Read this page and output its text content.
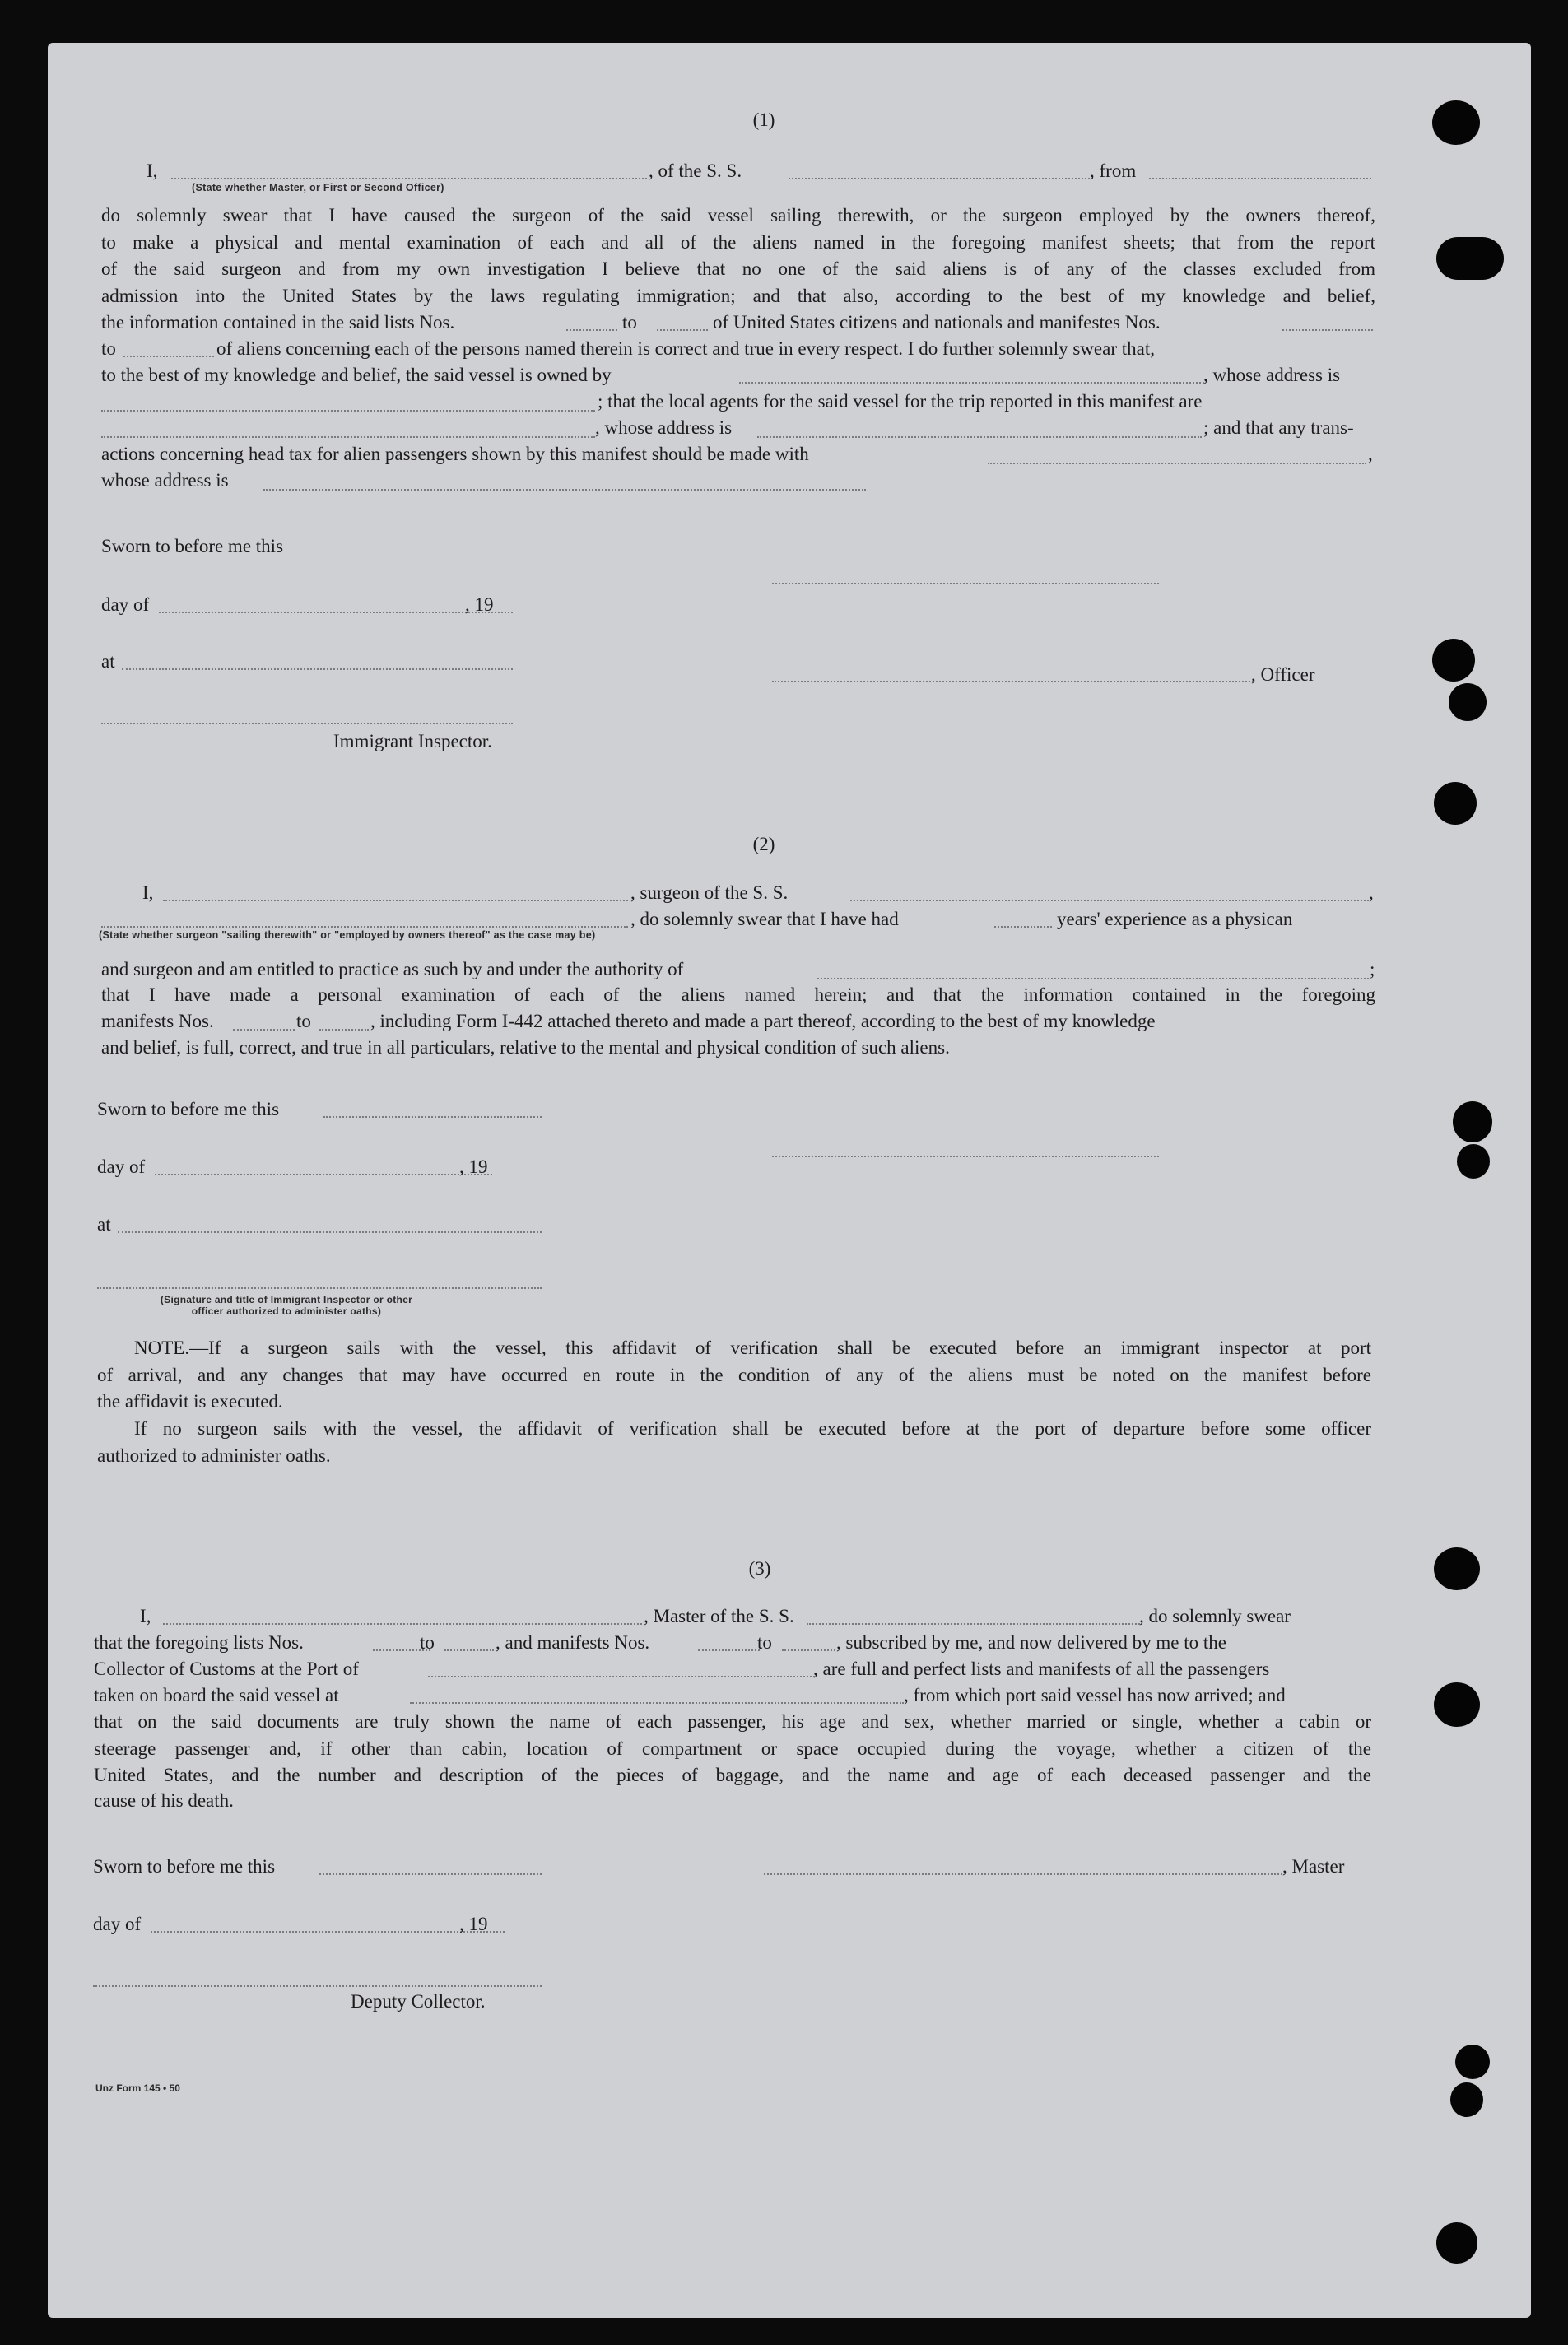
(1)
I,	, of the S. S.	, from
(State whether Master, or First or Second Officer)
do solemnly swear that I have caused the surgeon of the said vessel sailing therewith, or the surgeon employed by the owners thereof,
to make a physical and mental examination of each and all of the aliens named in the foregoing manifest sheets; that from the report
of the said surgeon and from my own investigation I believe that no one of the said aliens is of any of the classes excluded from
admission into the United States by the laws regulating immigration; and that also, according to the best of my knowledge and belief,
the information contained in the said lists Nos.	to	of United States citizens and nationals and manifestes Nos.
to	of aliens concerning each of the persons named therein is correct and true in every respect. I do further solemnly swear that,
to the best of my knowledge and belief, the said vessel is owned by	, whose address is
; that the local agents for the said vessel for the trip reported in this manifest are
, whose address is	; and that any trans-
actions concerning head tax for alien passengers shown by this manifest should be made with	,
whose address is
Sworn to before me this
day of	, 19
at
, Officer
Immigrant Inspector.
(2)
I,	, surgeon of the S. S.	,
, do solemnly swear that I have had	years' experience as a physican
(State whether surgeon "sailing therewith" or "employed by owners thereof" as the case may be)
and surgeon and am entitled to practice as such by and under the authority of	;
that I have made a personal examination of each of the aliens named herein; and that the information contained in the foregoing
manifests Nos.	to	, including Form I-442 attached thereto and made a part thereof, according to the best of my knowledge
and belief, is full, correct, and true in all particulars, relative to the mental and physical condition of such aliens.
Sworn to before me this
day of	, 19
at
(Signature and title of Immigrant Inspector or other
officer authorized to administer oaths)
NOTE.—If a surgeon sails with the vessel, this affidavit of verification shall be executed before an immigrant inspector at port
of arrival, and any changes that may have occurred en route in the condition of any of the aliens must be noted on the manifest before
the affidavit is executed.
If no surgeon sails with the vessel, the affidavit of verification shall be executed before at the port of departure before some officer
authorized to administer oaths.
(3)
I,	, Master of the S. S.	, do solemnly swear
that the foregoing lists Nos.	to	, and manifests Nos.	to	, subscribed by me, and now delivered by me to the
Collector of Customs at the Port of	, are full and perfect lists and manifests of all the passengers
taken on board the said vessel at	, from which port said vessel has now arrived; and
that on the said documents are truly shown the name of each passenger, his age and sex, whether married or single, whether a cabin or
steerage passenger and, if other than cabin, location of compartment or space occupied during the voyage, whether a citizen of the
United States, and the number and description of the pieces of baggage, and the name and age of each deceased passenger and the
cause of his death.
Sworn to before me this	, Master
day of	, 19
Deputy Collector.
Unz Form 145 • 50
